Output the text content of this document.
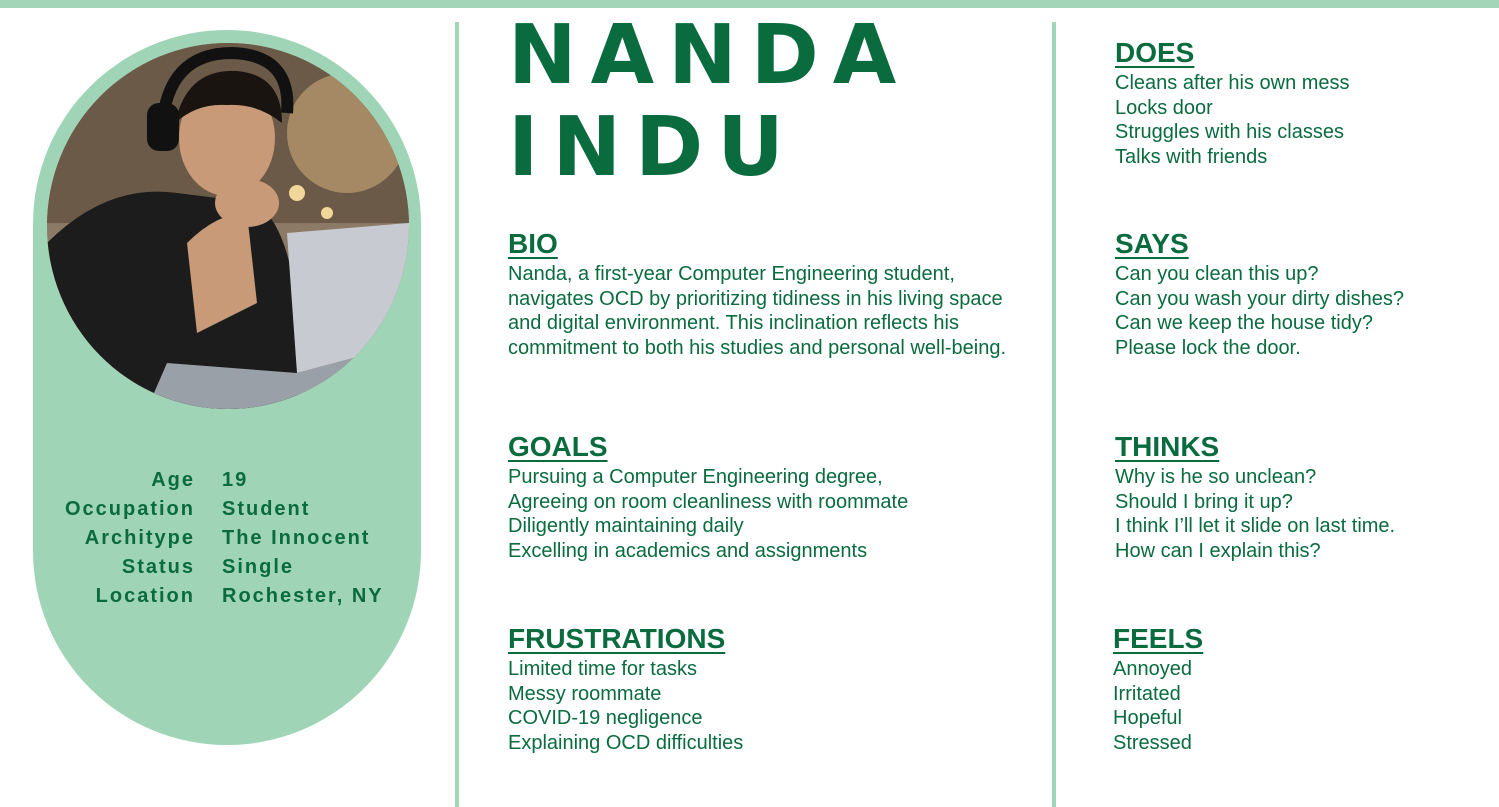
Age 19
Occupation Student
Architype The Innocent
Status Single
Location Rochester, NY
NANDA
INDU
BIO

Nanda, a first-year Computer Engineering student, navigates OCD by prioritizing tidiness in his living space and digital environment. This inclination reflects his commitment to both his studies and personal well-being.

GOALS
Pursuing a Computer Engineering degree,
Agreeing on room cleanliness with roommate
Diligently maintaining daily
Excelling in academics and assignments
FRUSTRATIONS
Limited time for tasks
Messy roommate
COVID-19 negligence
Explaining OCD difficulties
DOES
Cleans after his own mess
Locks door
Struggles with his classes
Talks with friends
SAYS
Can you clean this up?
Can you wash your dirty dishes?
Can we keep the house tidy?
Please lock the door.
THINKS
Why is he so unclean?
Should I bring it up?
I think I’ll let it slide on last time.
How can I explain this?
FEELS
Annoyed
Irritated
Hopeful
Stressed
